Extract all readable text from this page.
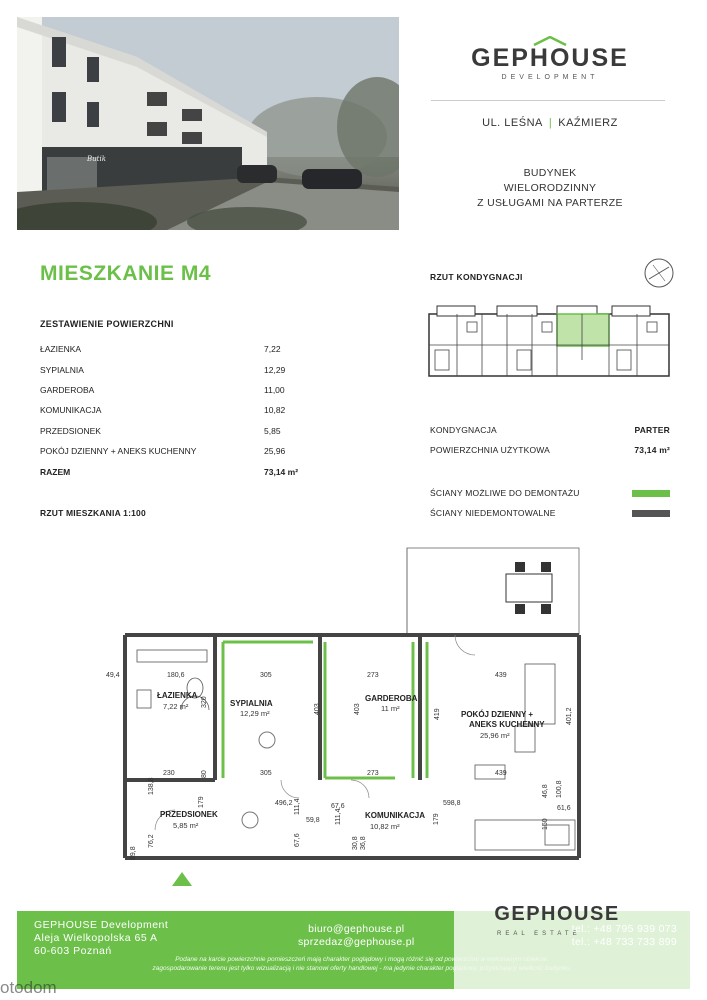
Butik
GEPHOUSE
DEVELOPMENT
UL. LEŚNA | KAŹMIERZ
BUDYNEK
WIELORODZINNY
Z USŁUGAMI NA PARTERZE
MIESZKANIE M4
ZESTAWIENIE POWIERZCHNI
ŁAZIENKA	7,22
SYPIALNIA	12,29
GARDEROBA	11,00
KOMUNIKACJA	10,82
PRZEDSIONEK	5,85
POKÓJ DZIENNY + ANEKS KUCHENNY	25,96
RAZEM	73,14 m²
RZUT MIESZKANIA 1:100
RZUT KONDYGNACJI
KONDYGNACJA	PARTER
POWIERZCHNIA UŻYTKOWA	73,14 m²
ŚCIANY MOŻLIWE DO DEMONTAŻU
ŚCIANY NIEDEMONTOWALNE
ŁAZIENKA
SYPIALNIA
GARDEROBA
POKÓJ DZIENNY +
ANEKS KUCHENNY
PRZEDSIONEK	KOMUNIKACJA
7,22 m²
12,29 m²
11 m²
25,96 m²
5,85 m²	10,82 m²
49,4	180,6	305
305
273
273
439
439
230
496,2	598,8
59,8
67,6	61,6
403	403	419	401,2
320
80
138,8
179
179
111,4
111,4
67,6
46,8
150
76,2	30,8 36,8
100,8
89,8
GEPHOUSE Development
Aleja Wielkopolska 65 A
60-603 Poznań
biuro@gephouse.pl
sprzedaz@gephouse.pl
GEPHOUSE
REAL ESTATE
tel.: +48 795 939 073
tel.: +48 733 733 899
Podane na karcie powierzchnie pomieszczeń mają charakter poglądowy i mogą różnić się od powierzchni w wykonanym obiekcie.
zagospodarowanie terenu jest tylko wizualizacją i nie stanowi oferty handlowej - ma jedynie charakter poglądowy, przybliżający wielkość budynku.
otodom
